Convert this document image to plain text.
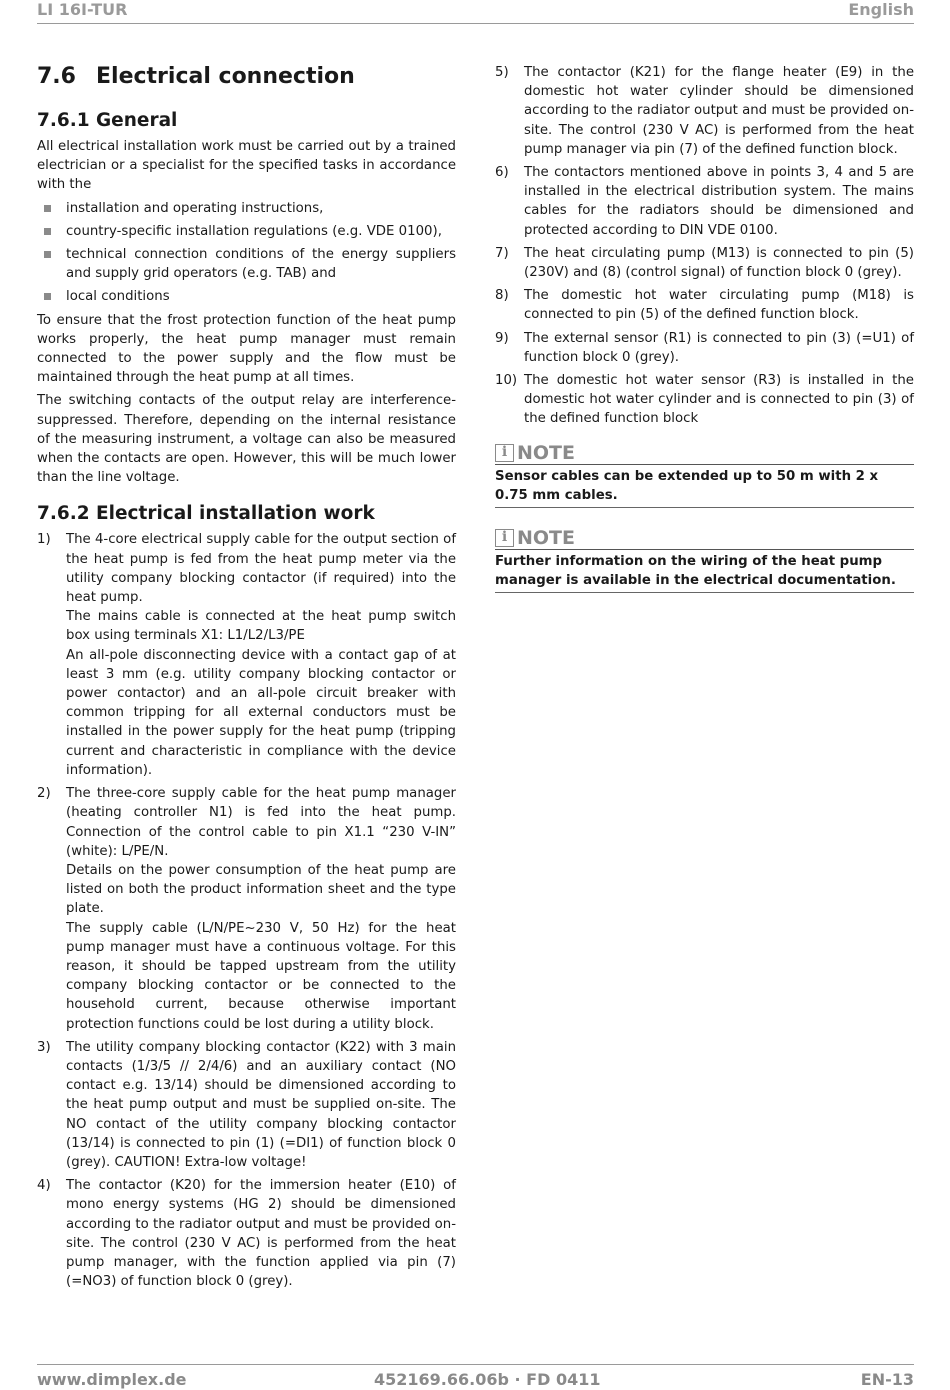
LI 16I-TUR	English
7.6 Electrical connection
7.6.1 General

All electrical installation work must be carried out by a trained electrician or a specialist for the specified tasks in accordance with the

installation and operating instructions,
country-specific installation regulations (e.g. VDE 0100),
technical connection conditions of the energy suppliers and supply grid operators (e.g. TAB) and
local conditions

To ensure that the frost protection function of the heat pump works properly, the heat pump manager must remain connected to the power supply and the flow must be maintained through the heat pump at all times.

The switching contacts of the output relay are interference-suppressed. Therefore, depending on the internal resistance of the measuring instrument, a voltage can also be measured when the contacts are open. However, this will be much lower than the line voltage.

7.6.2 Electrical installation work
1) The 4-core electrical supply cable for the output section of the heat pump is fed from the heat pump meter via the utility company blocking contactor (if required) into the heat pump.
The mains cable is connected at the heat pump switch box using terminals X1: L1/L2/L3/PE
An all-pole disconnecting device with a contact gap of at least 3 mm (e.g. utility company blocking contactor or power contactor) and an all-pole circuit breaker with common tripping for all external conductors must be installed in the power supply for the heat pump (tripping current and characteristic in compliance with the device information).
2) The three-core supply cable for the heat pump manager (heating controller N1) is fed into the heat pump. Connection of the control cable to pin X1.1 “230 V-IN” (white): L/PE/N.
Details on the power consumption of the heat pump are listed on both the product information sheet and the type plate.
The supply cable (L/N/PE~230 V, 50 Hz) for the heat pump manager must have a continuous voltage. For this reason, it should be tapped upstream from the utility company blocking contactor or be connected to the household current, because otherwise important protection functions could be lost during a utility block.
3) The utility company blocking contactor (K22) with 3 main contacts (1/3/5 // 2/4/6) and an auxiliary contact (NO contact e.g. 13/14) should be dimensioned according to the heat pump output and must be supplied on-site. The NO contact of the utility company blocking contactor (13/14) is connected to pin (1) (=DI1) of function block 0 (grey). CAUTION! Extra-low voltage!
4) The contactor (K20) for the immersion heater (E10) of mono energy systems (HG 2) should be dimensioned according to the radiator output and must be provided on-site. The control (230 V AC) is performed from the heat pump manager, with the function applied via pin (7) (=NO3) of function block 0 (grey).
5) The contactor (K21) for the flange heater (E9) in the domestic hot water cylinder should be dimensioned according to the radiator output and must be provided on-site. The control (230 V AC) is performed from the heat pump manager via pin (7) of the defined function block.
6) The contactors mentioned above in points 3, 4 and 5 are installed in the electrical distribution system. The mains cables for the radiators should be dimensioned and protected according to DIN VDE 0100.
7) The heat circulating pump (M13) is connected to pin (5) (230V) and (8) (control signal) of function block 0 (grey).
8) The domestic hot water circulating pump (M18) is connected to pin (5) of the defined function block.
9) The external sensor (R1) is connected to pin (3) (=U1) of function block 0 (grey).
10) The domestic hot water sensor (R3) is installed in the domestic hot water cylinder and is connected to pin (3) of the defined function block
i NOTE

Sensor cables can be extended up to 50 m with 2 x 0.75 mm cables.

i NOTE

Further information on the wiring of the heat pump manager is available in the electrical documentation.

www.dimplex.de	452169.66.06b · FD 0411	EN-13
